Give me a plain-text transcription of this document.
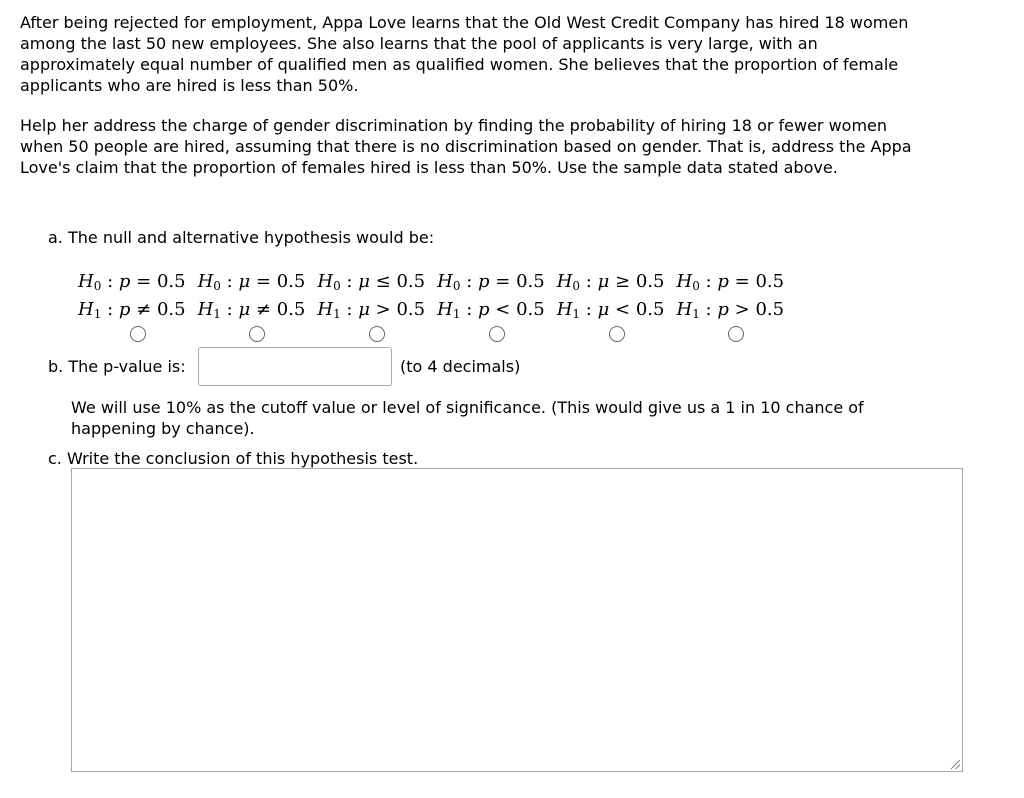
After being rejected for employment, Appa Love learns that the Old West Credit Company has hired 18 women among the last 50 new employees. She also learns that the pool of applicants is very large, with an approximately equal number of qualified men as qualified women. She believes that the proportion of female applicants who are hired is less than 50%.

Help her address the charge of gender discrimination by finding the probability of hiring 18 or fewer women when 50 people are hired, assuming that there is no discrimination based on gender. That is, address the Appa Love's claim that the proportion of females hired is less than 50%. Use the sample data stated above.

a. The null and alternative hypothesis would be:
$H_0$ : p = 0.5
$H_1$ : p ≠ 0.5
$H_0$ : μ = 0.5
$H_1$ : μ ≠ 0.5
$H_0$ : μ ≤ 0.5
$H_1$ : μ > 0.5
$H_0$ : p = 0.5
$H_1$ : p < 0.5
$H_0$ : μ ≥ 0.5
$H_1$ : μ < 0.5
$H_0$ : p = 0.5
$H_1$ : p > 0.5
b. The p-value is:	(to 4 decimals)

We will use 10% as the cutoff value or level of significance. (This would give us a 1 in 10 chance of happening by chance).

c. Write the conclusion of this hypothesis test.
